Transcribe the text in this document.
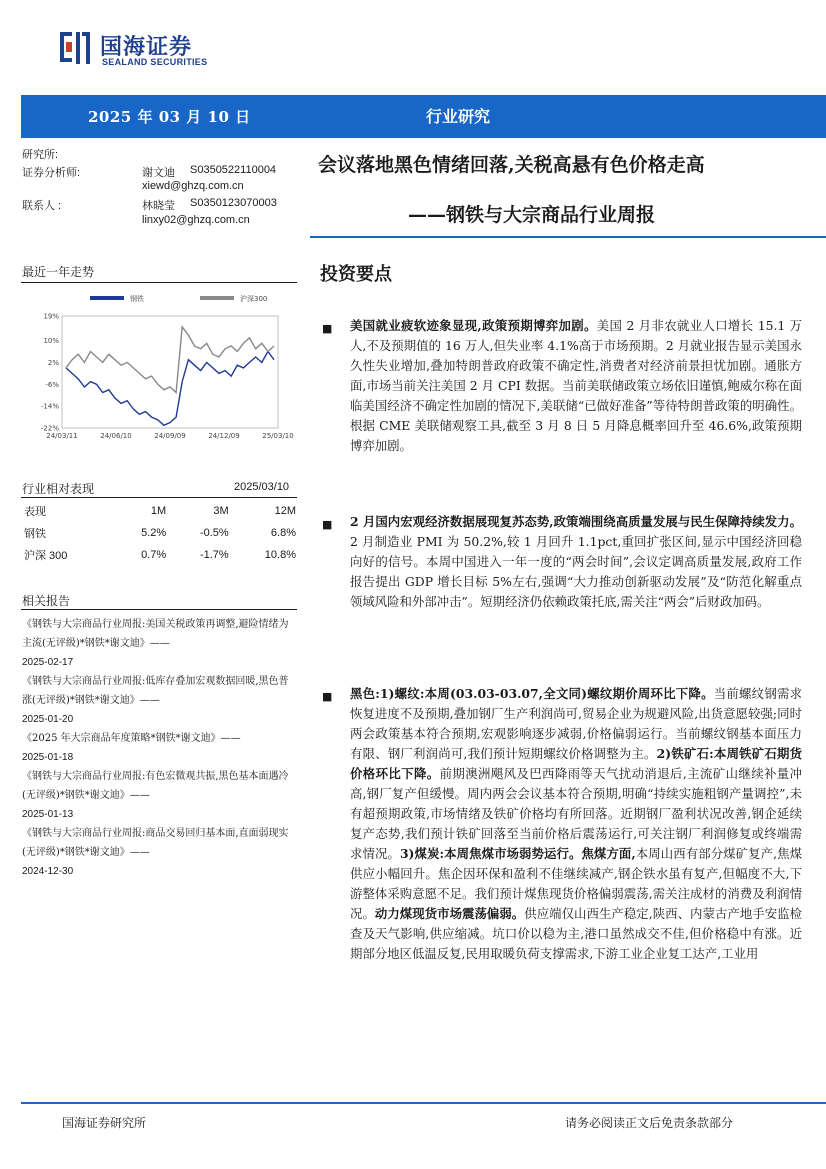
国海证券
SEALAND SECURITIES
2025 年 03 月 10 日	行业研究
研究所:
证券分析师:	谢文迪 S0350522110004
xiewd@ghzq.com.cn
联系人 :	林晓莹 S0350123070003
linxy02@ghzq.com.cn
会议落地黑色情绪回落,关税高悬有色价格走高
——钢铁与大宗商品行业周报
最近一年走势
-22%
-14%
-6%
2%
10%
19%
24/03/11	24/06/10	24/09/09	24/12/09	25/03/10
钢铁	沪深300
行业相对表现	2025/03/10
表现	1M	3M	12M
钢铁	5.2%	-0.5%	6.8%
沪深 300	0.7%	-1.7%	10.8%
相关报告
《钢铁与大宗商品行业周报:美国关税政策再调整,避险情绪为主流(无评级)*钢铁*谢文迪》——
2025-02-17
《钢铁与大宗商品行业周报:低库存叠加宏观数据回暖,黑色普涨(无评级)*钢铁*谢文迪》——
2025-01-20
《2025 年大宗商品年度策略*钢铁*谢文迪》——
2025-01-18
《钢铁与大宗商品行业周报:有色宏微观共振,黑色基本面遇冷(无评级)*钢铁*谢文迪》——
2025-01-13
《钢铁与大宗商品行业周报:商品交易回归基本面,直面弱现实(无评级)*钢铁*谢文迪》——
2024-12-30
投资要点
■ 美国就业疲软迹象显现,政策预期博弈加剧。美国 2 月非农就业人口增长 15.1 万人,不及预期值的 16 万人,但失业率 4.1%高于市场预期。2 月就业报告显示美国永久性失业增加,叠加特朗普政府政策不确定性,消费者对经济前景担忧加剧。通胀方面,市场当前关注美国 2 月 CPI 数据。当前美联储政策立场依旧谨慎,鲍威尔称在面临美国经济不确定性加剧的情况下,美联储“已做好准备”等待特朗普政策的明确性。根据 CME 美联储观察工具,截至 3 月 8 日 5 月降息概率回升至 46.6%,政策预期博弈加剧。
■ 2 月国内宏观经济数据展现复苏态势,政策端围绕高质量发展与民生保障持续发力。2 月制造业 PMI 为 50.2%,较 1 月回升 1.1pct,重回扩张区间,显示中国经济回稳向好的信号。本周中国进入一年一度的“两会时间”,会议定调高质量发展,政府工作报告提出 GDP 增长目标 5%左右,强调“大力推动创新驱动发展”及“防范化解重点领域风险和外部冲击”。短期经济仍依赖政策托底,需关注“两会”后财政加码。
■ 黑色:1)螺纹:本周(03.03-03.07,全文同)螺纹期价周环比下降。当前螺纹钢需求恢复进度不及预期,叠加钢厂生产利润尚可,贸易企业为规避风险,出货意愿较强;同时两会政策基本符合预期,宏观影响逐步减弱,价格偏弱运行。当前螺纹钢基本面压力有限、钢厂利润尚可,我们预计短期螺纹价格调整为主。2)铁矿石:本周铁矿石期货价格环比下降。前期澳洲飓风及巴西降雨等天气扰动消退后,主流矿山继续补量冲高,钢厂复产但缓慢。周内两会会议基本符合预期,明确“持续实施粗钢产量调控”,未有超预期政策,市场情绪及铁矿价格均有所回落。近期钢厂盈利状况改善,钢企延续复产态势,我们预计铁矿回落至当前价格后震荡运行,可关注钢厂利润修复或终端需求情况。3)煤炭:本周焦煤市场弱势运行。焦煤方面,本周山西有部分煤矿复产,焦煤供应小幅回升。焦企因环保和盈利不佳继续减产,钢企铁水虽有复产,但幅度不大,下游整体采购意愿不足。我们预计煤焦现货价格偏弱震荡,需关注成材的消费及利润情况。动力煤现货市场震荡偏弱。供应端仅山西生产稳定,陕西、内蒙古产地手安监检查及天气影响,供应缩减。坑口价以稳为主,港口虽然成交不佳,但价格稳中有涨。近期部分地区低温反复,民用取暖负荷支撑需求,下游工业企业复工达产,工业用
国海证券研究所	请务必阅读正文后免责条款部分
